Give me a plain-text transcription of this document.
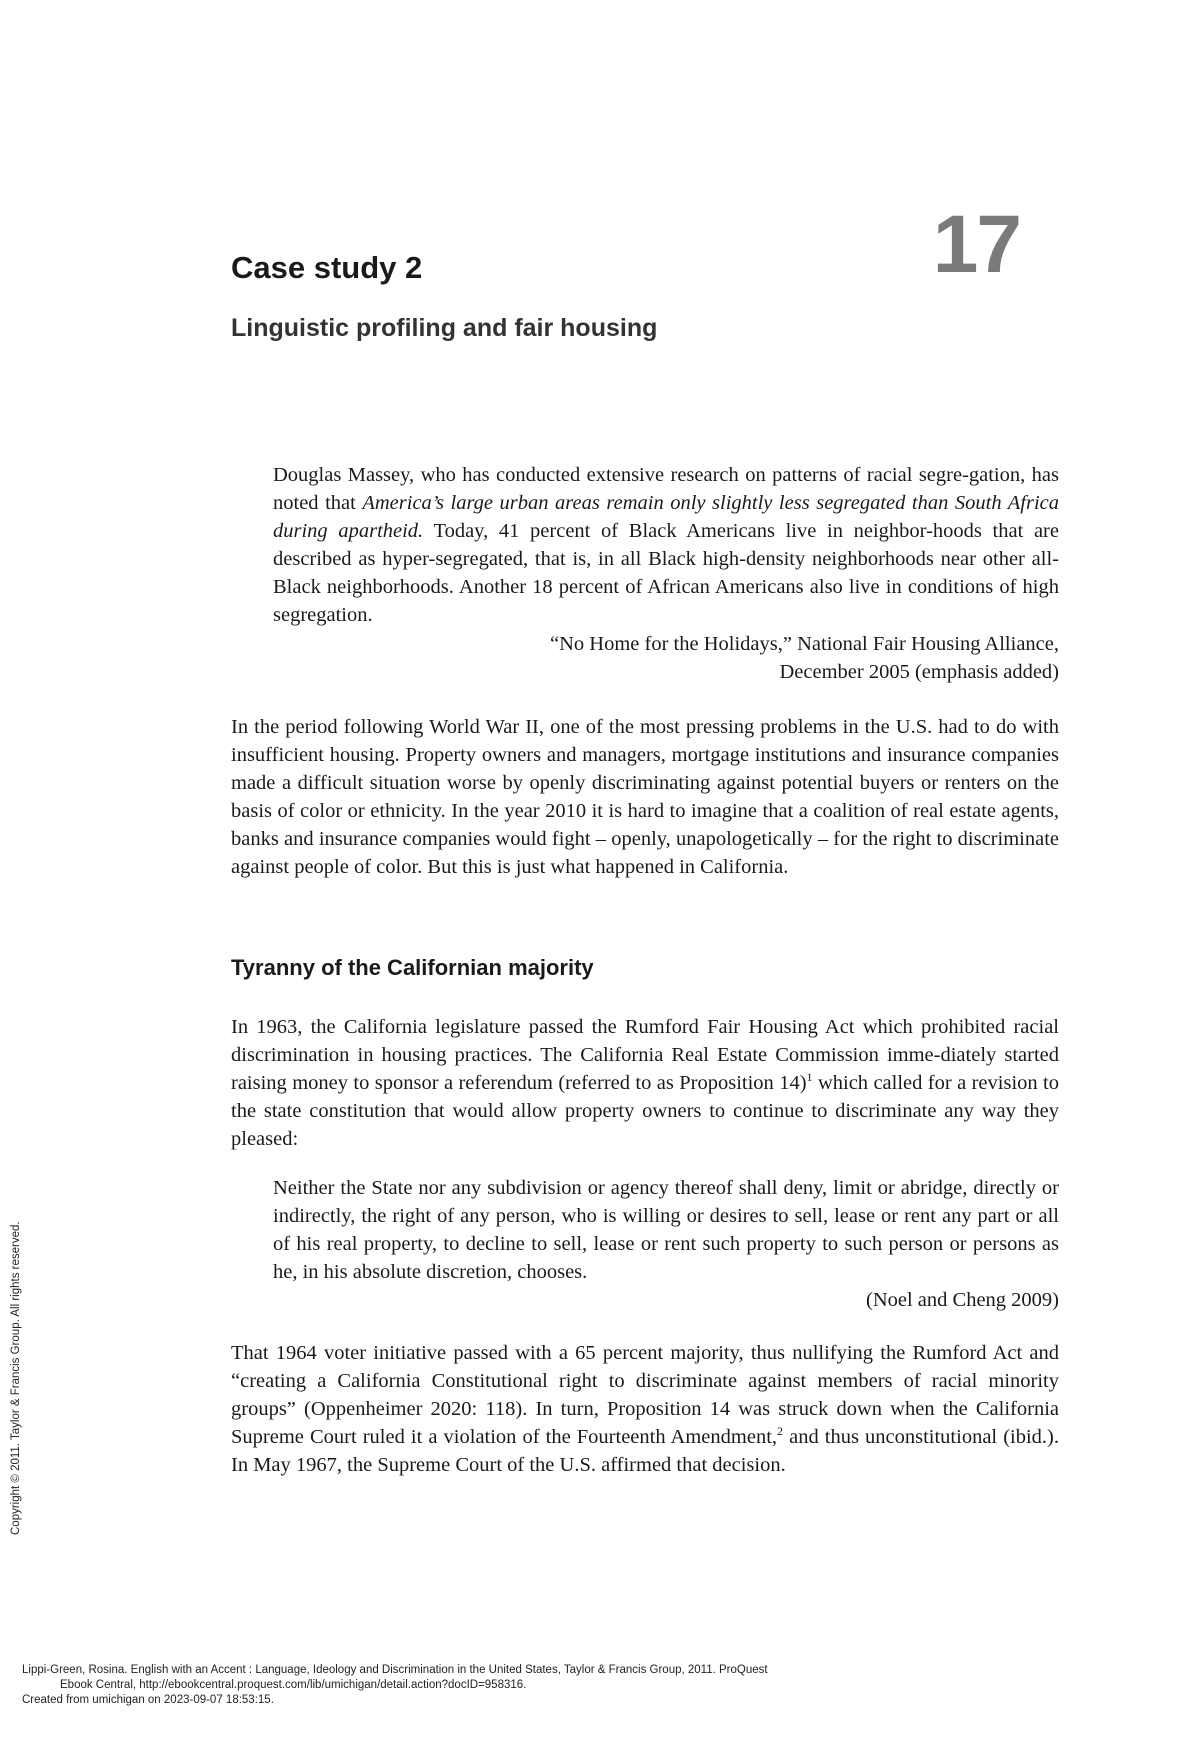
17
Case study 2
Linguistic profiling and fair housing

Douglas Massey, who has conducted extensive research on patterns of racial segre-gation, has noted that America’s large urban areas remain only slightly less segregated than South Africa during apartheid. Today, 41 percent of Black Americans live in neighbor-hoods that are described as hyper-segregated, that is, in all Black high-density neighborhoods near other all-Black neighborhoods. Another 18 percent of African Americans also live in conditions of high segregation.

“No Home for the Holidays,” National Fair Housing Alliance,
December 2005 (emphasis added)

In the period following World War II, one of the most pressing problems in the U.S. had to do with insufficient housing. Property owners and managers, mortgage institutions and insurance companies made a difficult situation worse by openly discriminating against potential buyers or renters on the basis of color or ethnicity. In the year 2010 it is hard to imagine that a coalition of real estate agents, banks and insurance companies would fight – openly, unapologetically – for the right to discriminate against people of color. But this is just what happened in California.

Tyranny of the Californian majority

In 1963, the California legislature passed the Rumford Fair Housing Act which prohibited racial discrimination in housing practices. The California Real Estate Commission imme-diately started raising money to sponsor a referendum (referred to as Proposition 14)$^1$ which called for a revision to the state constitution that would allow property owners to continue to discriminate any way they pleased:

Neither the State nor any subdivision or agency thereof shall deny, limit or abridge, directly or indirectly, the right of any person, who is willing or desires to sell, lease or rent any part or all of his real property, to decline to sell, lease or rent such property to such person or persons as he, in his absolute discretion, chooses.

(Noel and Cheng 2009)

That 1964 voter initiative passed with a 65 percent majority, thus nullifying the Rumford Act and “creating a California Constitutional right to discriminate against members of racial minority groups” (Oppenheimer 2020: 118). In turn, Proposition 14 was struck down when the California Supreme Court ruled it a violation of the Fourteenth Amendment,$^2$ and thus unconstitutional (ibid.). In May 1967, the Supreme Court of the U.S. affirmed that decision.

Copyright © 2011. Taylor & Francis Group. All rights reserved.
Lippi-Green, Rosina. English with an Accent : Language, Ideology and Discrimination in the United States, Taylor & Francis Group, 2011. ProQuest
Ebook Central, http://ebookcentral.proquest.com/lib/umichigan/detail.action?docID=958316.
Created from umichigan on 2023-09-07 18:53:15.
